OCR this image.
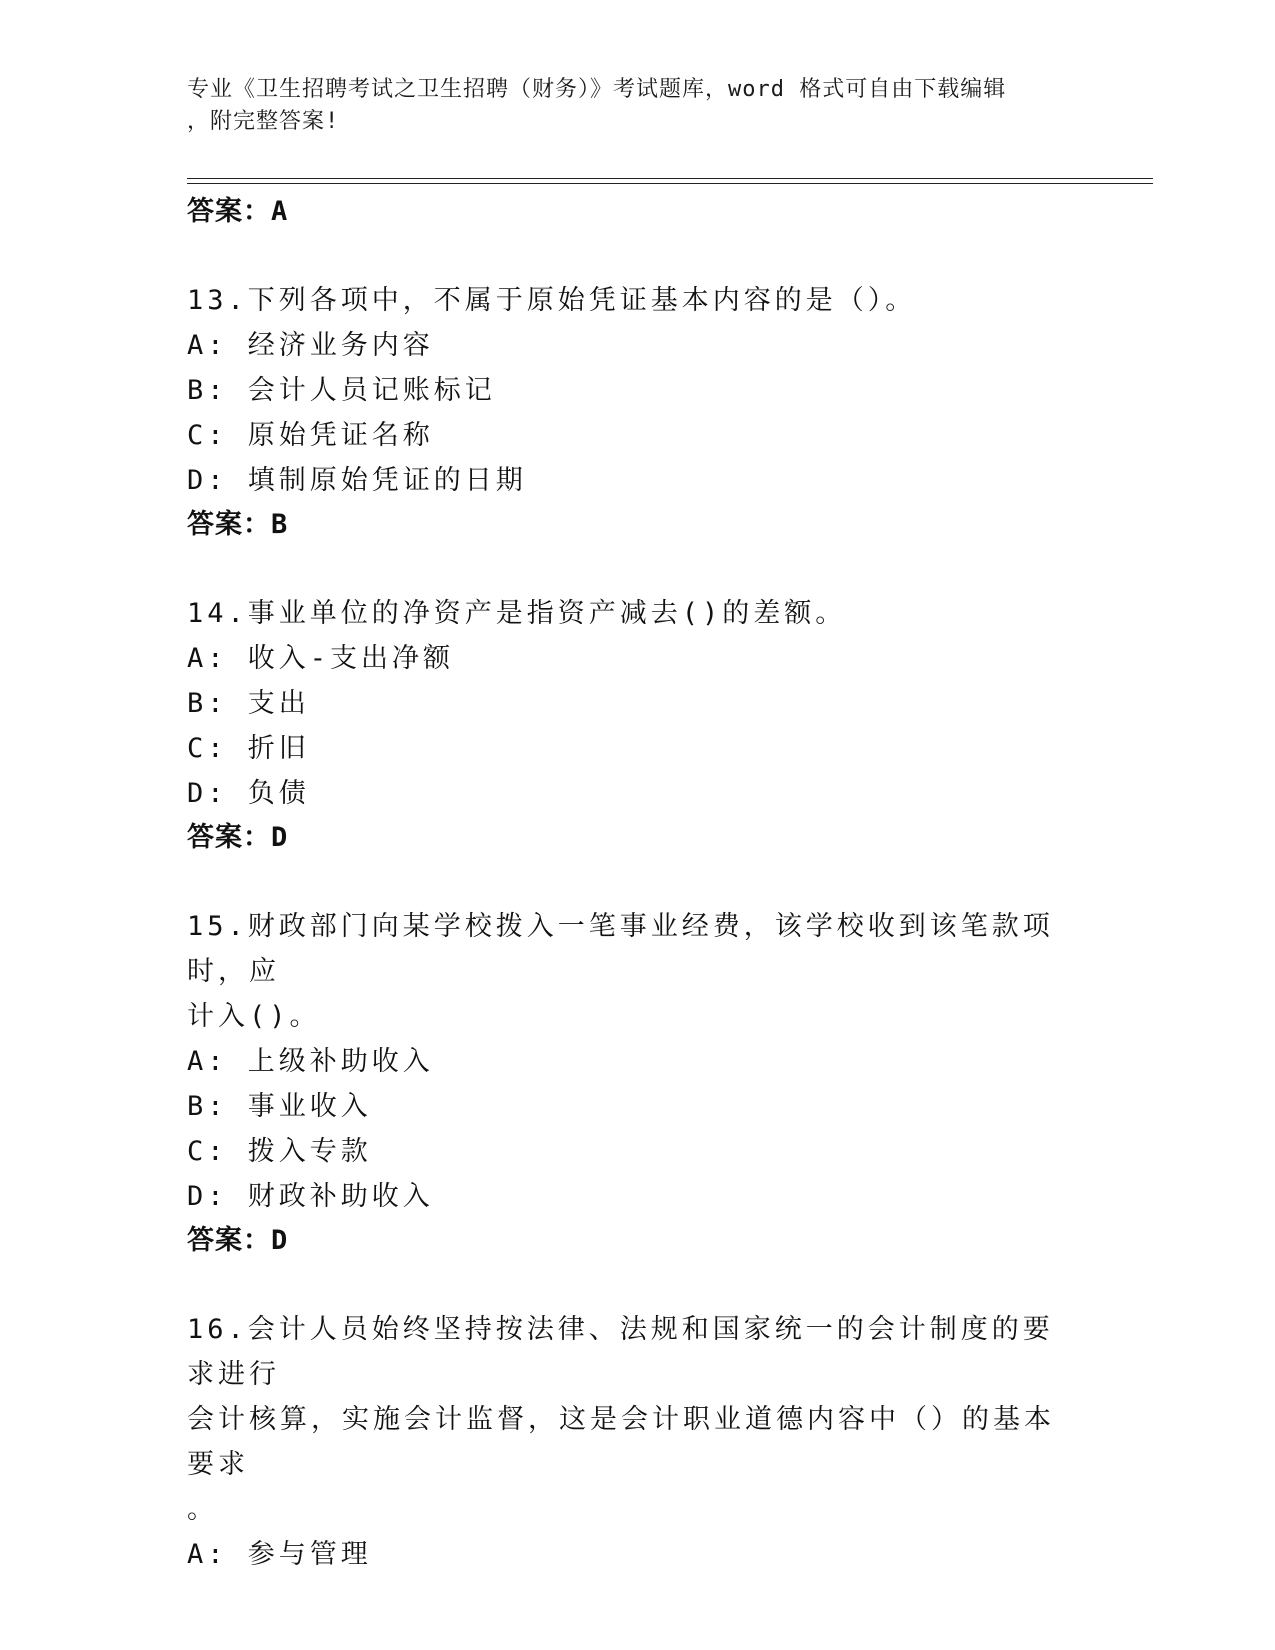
专业《卫生招聘考试之卫生招聘（财务）》考试题库，word 格式可自由下载编辑
，附完整答案!

答案：A

13.下列各项中，不属于原始凭证基本内容的是（）。

A: 经济业务内容

B: 会计人员记账标记

C: 原始凭证名称

D: 填制原始凭证的日期

答案：B

14.事业单位的净资产是指资产减去()的差额。

A: 收入-支出净额

B: 支出

C: 折旧

D: 负债

答案：D

15.财政部门向某学校拨入一笔事业经费，该学校收到该笔款项时，应

计入()。

A: 上级补助收入

B: 事业收入

C: 拨入专款

D: 财政补助收入

答案：D

16.会计人员始终坚持按法律、法规和国家统一的会计制度的要求进行

会计核算，实施会计监督，这是会计职业道德内容中（）的基本要求

。

A: 参与管理
